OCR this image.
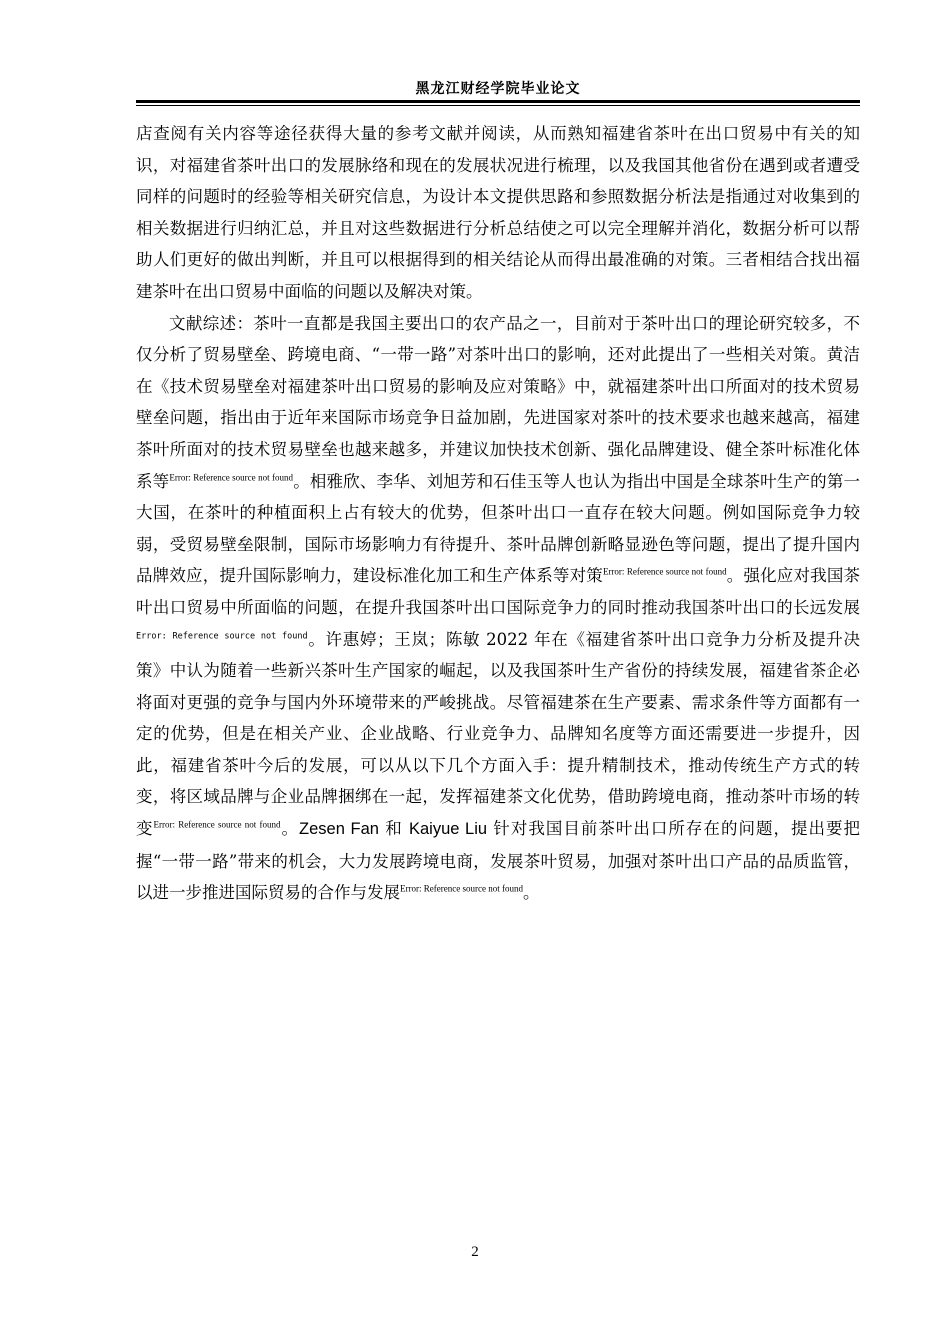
黑龙江财经学院毕业论文

店查阅有关内容等途径获得大量的参考文献并阅读，从而熟知福建省茶叶在出口贸易中有关的知识，对福建省茶叶出口的发展脉络和现在的发展状况进行梳理，以及我国其他省份在遇到或者遭受同样的问题时的经验等相关研究信息，为设计本文提供思路和参照数据分析法是指通过对收集到的相关数据进行归纳汇总，并且对这些数据进行分析总结使之可以完全理解并消化，数据分析可以帮助人们更好的做出判断，并且可以根据得到的相关结论从而得出最准确的对策。三者相结合找出福建茶叶在出口贸易中面临的问题以及解决对策。

文献综述：茶叶一直都是我国主要出口的农产品之一，目前对于茶叶出口的理论研究较多，不仅分析了贸易壁垒、跨境电商、“一带一路”对茶叶出口的影响，还对此提出了一些相关对策。黄洁在《技术贸易壁垒对福建茶叶出口贸易的影响及应对策略》中，就福建茶叶出口所面对的技术贸易壁垒问题，指出由于近年来国际市场竞争日益加剧，先进国家对茶叶的技术要求也越来越高，福建茶叶所面对的技术贸易壁垒也越来越多，并建议加快技术创新、强化品牌建设、健全茶叶标准化体系等$^{Error: Reference source not found}$。相雅欣、李华、刘旭芳和石佳玉等人也认为指出中国是全球茶叶生产的第一大国，在茶叶的种植面积上占有较大的优势，但茶叶出口一直存在较大问题。例如国际竞争力较弱，受贸易壁垒限制，国际市场影响力有待提升、茶叶品牌创新略显逊色等问题，提出了提升国内品牌效应，提升国际影响力，建设标准化加工和生产体系等对策$^{Error: Reference source not found}$。强化应对我国茶叶出口贸易中所面临的问题，在提升我国茶叶出口国际竞争力的同时推动我国茶叶出口的长远发展$^{Error: Reference source not found}$。许惠婷；王岚；陈敏 2022 年在《福建省茶叶出口竞争力分析及提升决策》中认为随着一些新兴茶叶生产国家的崛起，以及我国茶叶生产省份的持续发展，福建省茶企必将面对更强的竞争与国内外环境带来的严峻挑战。尽管福建茶在生产要素、需求条件等方面都有一定的优势，但是在相关产业、企业战略、行业竞争力、品牌知名度等方面还需要进一步提升，因此，福建省茶叶今后的发展，可以从以下几个方面入手：提升精制技术，推动传统生产方式的转变，将区域品牌与企业品牌捆绑在一起，发挥福建茶文化优势，借助跨境电商，推动茶叶市场的转变$^{Error: Reference source not found}$。Zesen Fan 和 Kaiyue Liu 针对我国目前茶叶出口所存在的问题，提出要把握“一带一路”带来的机会，大力发展跨境电商，发展茶叶贸易，加强对茶叶出口产品的品质监管，以进一步推进国际贸易的合作与发展$^{Error: Reference source not found}$。

2
